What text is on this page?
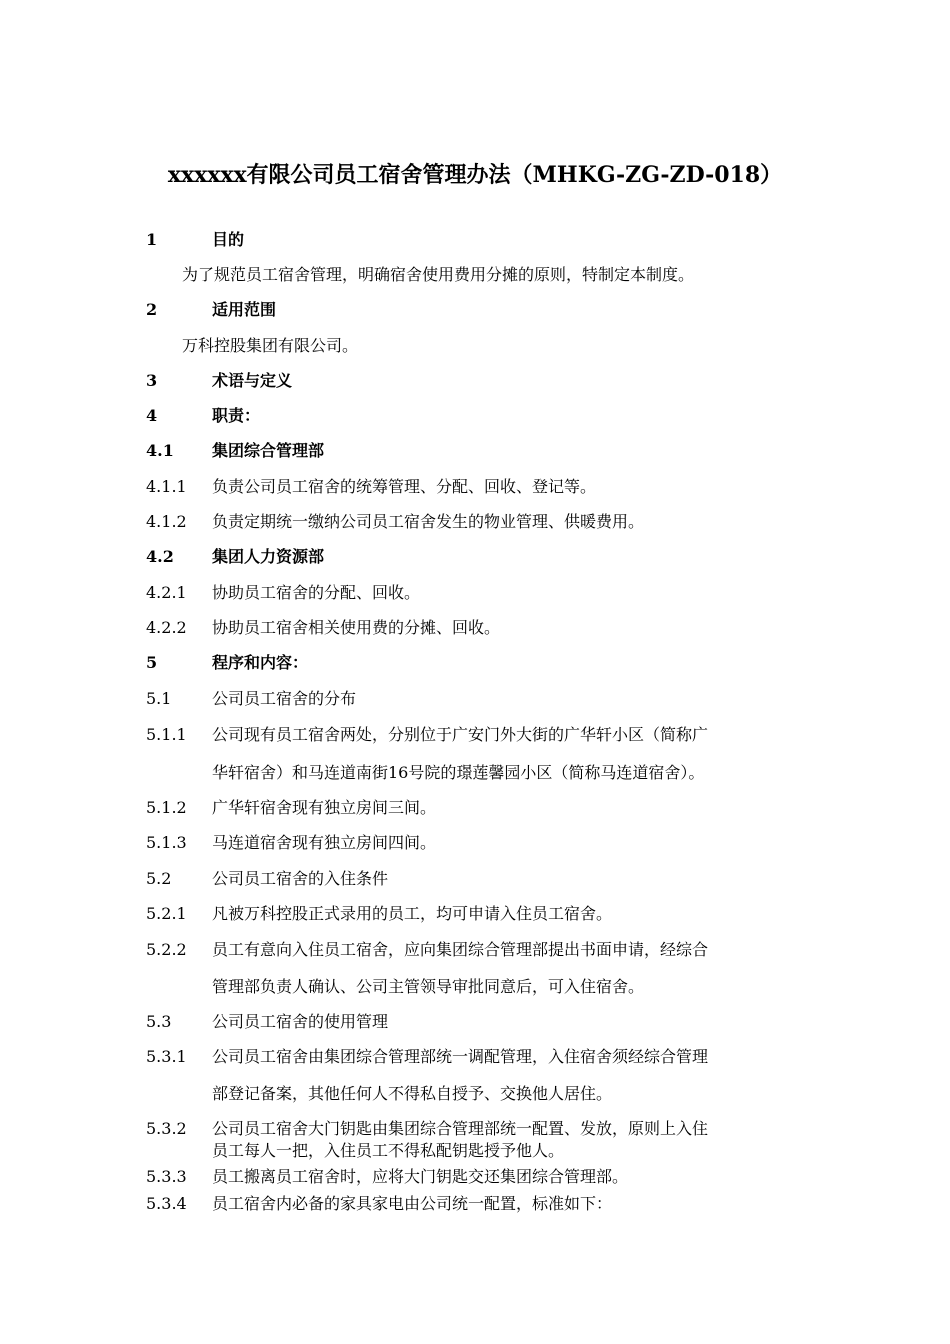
xxxxxx有限公司员工宿舍管理办法（MHKG-ZG-ZD-018）
1	目的
为了规范员工宿舍管理，明确宿舍使用费用分摊的原则，特制定本制度。
2	适用范围
万科控股集团有限公司。
3	术语与定义
4	职责：
4.1	集团综合管理部
4.1.1	负责公司员工宿舍的统筹管理、分配、回收、登记等。
4.1.2	负责定期统一缴纳公司员工宿舍发生的物业管理、供暖费用。
4.2	集团人力资源部
4.2.1	协助员工宿舍的分配、回收。
4.2.2	协助员工宿舍相关使用费的分摊、回收。
5	程序和内容：
5.1	公司员工宿舍的分布
5.1.1	公司现有员工宿舍两处，分别位于广安门外大街的广华轩小区（简称广
华轩宿舍）和马连道南街16号院的璟莲馨园小区（简称马连道宿舍）。
5.1.2	广华轩宿舍现有独立房间三间。
5.1.3	马连道宿舍现有独立房间四间。
5.2	公司员工宿舍的入住条件
5.2.1	凡被万科控股正式录用的员工，均可申请入住员工宿舍。
5.2.2	员工有意向入住员工宿舍，应向集团综合管理部提出书面申请，经综合
管理部负责人确认、公司主管领导审批同意后，可入住宿舍。
5.3	公司员工宿舍的使用管理
5.3.1	公司员工宿舍由集团综合管理部统一调配管理，入住宿舍须经综合管理
部登记备案，其他任何人不得私自授予、交换他人居住。
5.3.2	公司员工宿舍大门钥匙由集团综合管理部统一配置、发放，原则上入住
员工每人一把，入住员工不得私配钥匙授予他人。
5.3.3	员工搬离员工宿舍时，应将大门钥匙交还集团综合管理部。
5.3.4	员工宿舍内必备的家具家电由公司统一配置，标准如下：
